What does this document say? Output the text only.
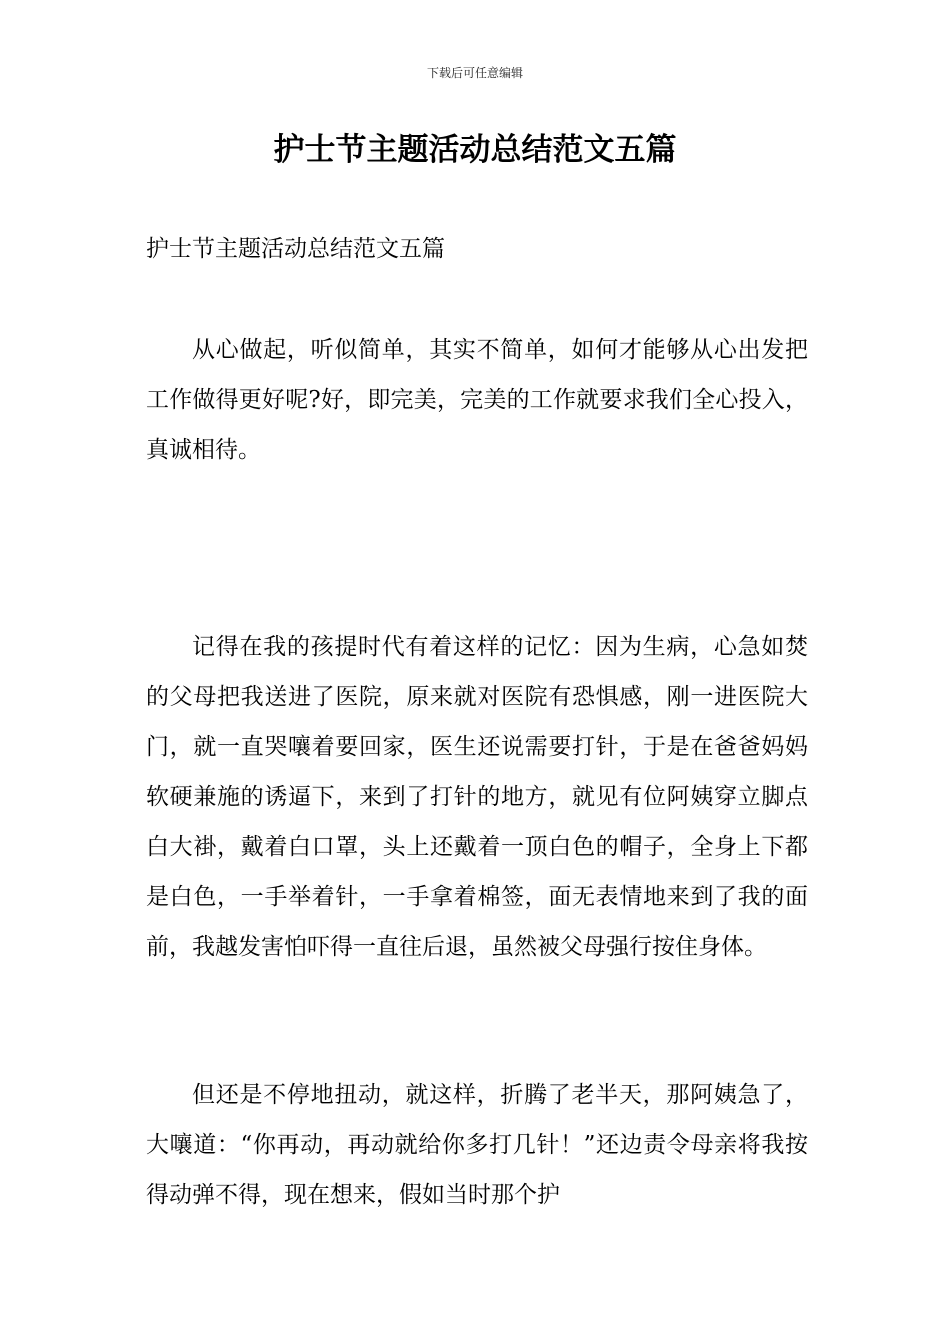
下载后可任意编辑
护士节主题活动总结范文五篇
护士节主题活动总结范文五篇

从心做起，听似简单，其实不简单，如何才能够从心出发把工作做得更好呢?好，即完美，完美的工作就要求我们全心投入，真诚相待。

记得在我的孩提时代有着这样的记忆：因为生病，心急如焚的父母把我送进了医院，原来就对医院有恐惧感，刚一进医院大门，就一直哭嚷着要回家，医生还说需要打针，于是在爸爸妈妈软硬兼施的诱逼下，来到了打针的地方，就见有位阿姨穿立脚点白大褂，戴着白口罩，头上还戴着一顶白色的帽子，全身上下都是白色，一手举着针，一手拿着棉签，面无表情地来到了我的面前，我越发害怕吓得一直往后退，虽然被父母强行按住身体。

但还是不停地扭动，就这样，折腾了老半天，那阿姨急了，大嚷道：“你再动，再动就给你多打几针！”还边责令母亲将我按得动弹不得，现在想来，假如当时那个护
